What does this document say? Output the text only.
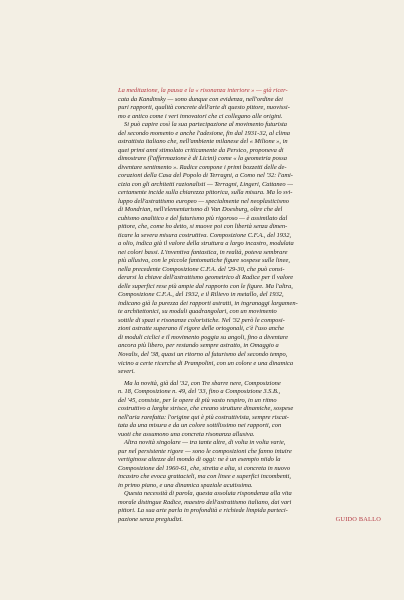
La meditazione, la pausa e la « risonanza interiore » — già ricer-
cata da Kandinsky — sono dunque con evidenza, nell'ordine dei
puri rapporti, qualità concrete dell'arte di questo pittore, nuovissi-
mo e antico come i veri innovatori che ci collegano alle origini.
Si può capire così la sua partecipazione al movimento futurista
del secondo momento e anche l'adesione, fin dal 1931-32, al clima
astrattista italiano che, nell'ambiente milanese del « Milione », in
quei primi anni stimolato criticamente da Persico, proponeva di
dimostrare (l'affermazione è di Licini) come « la geometria possa
diventare sentimento ». Radice compone i primi bozzetti delle de-
corazioni della Casa del Popolo di Terragni, a Como nel '32: l'ami-
cizia con gli architetti razionalisti — Terragni, Lingeri, Cattaneo —
certamente incide sulla chiarezza pittorica, sulla misura. Ma lo svi-
luppo dell'astrattismo europeo — specialmente nel neoplasticismo
di Mondrian, nell'elementarismo di Van Doesburg, oltre che del
cubismo analitico e del futurismo più rigoroso — è assimilato dal
pittore, che, come ho detto, si muove poi con libertà senza dimen-
ticare la severa misura costruttiva. Composizione C.F.A., del 1932,
a olio, indica già il valore della struttura a largo incastro, modulata
nei colori bassi. L'inventiva fantastica, in realtà, poteva sembrare
più allusiva, con le piccole fantomatiche figure sospese sulle linee,
nella precedente Composizione C.F.A. del '29-30, che può consi-
derarsi la chiave dell'astrattismo geometrico di Radice per il valore
delle superfici rese più ampie dal rapporto con le figure. Ma l'altra,
Composizione C.F.A., del 1932, e il Rilievo in metallo, del 1932,
indicano già la purezza dei rapporti astratti, in ingranaggi largamen-
te architettonici, su moduli quadrangolari, con un movimento
sottile di spazi e risonanze coloristiche. Nel '32 però le composi-
zioni astratte superano il rigore delle ortogonali, c'è l'uso anche
di moduli ciclici e il movimento poggia su angoli, fino a diventare
ancora più libero, per restando sempre astratto, in Omaggio a
Novalis, del '38, quasi un ritorno al futurismo del secondo tempo,
vicino a certe ricerche di Prampolini, con un colore e una dinamica
severi.
Ma la novità, già dal '32, con Tre sbarre nere, Composizione
n. 18, Composizione n. 49, del '33, fino a Composizione 3.S.B.,
del '45, consiste, per le opere di più vasto respiro, in un ritmo
costruttivo a larghe strisce, che creano strutture dinamiche, sospese
nell'aria rarefatta: l'origine qui è più costruttivista, sempre riscat-
tata da una misura e da un colore sottilissimo nei rapporti, con
vuoti che assumono una concreta risonanza allusiva.
Altra novità singolare — tra tante altre, di volta in volta varie,
pur nel persistente rigore — sono le composizioni che fanno intuire
vertiginose altezze del mondo di oggi: ne è un esempio niido la
Composizione del 1960-61, che, stretta e alta, si concreta in nuovo
incastro che evoca grattacieli, ma con linee e superfici incombenti,
in primo piano, e una dinamica spaziale acutissima.
Questa necessità di parola, questa assoluta rispondenza alla vita
morale distingue Radice, maestro dell'astrattismo italiano, dai vari
pittori. La sua arte parla in profondità e richiede limpida parteci-
pazione senza pregiudizi.	GUIDO BALLO
